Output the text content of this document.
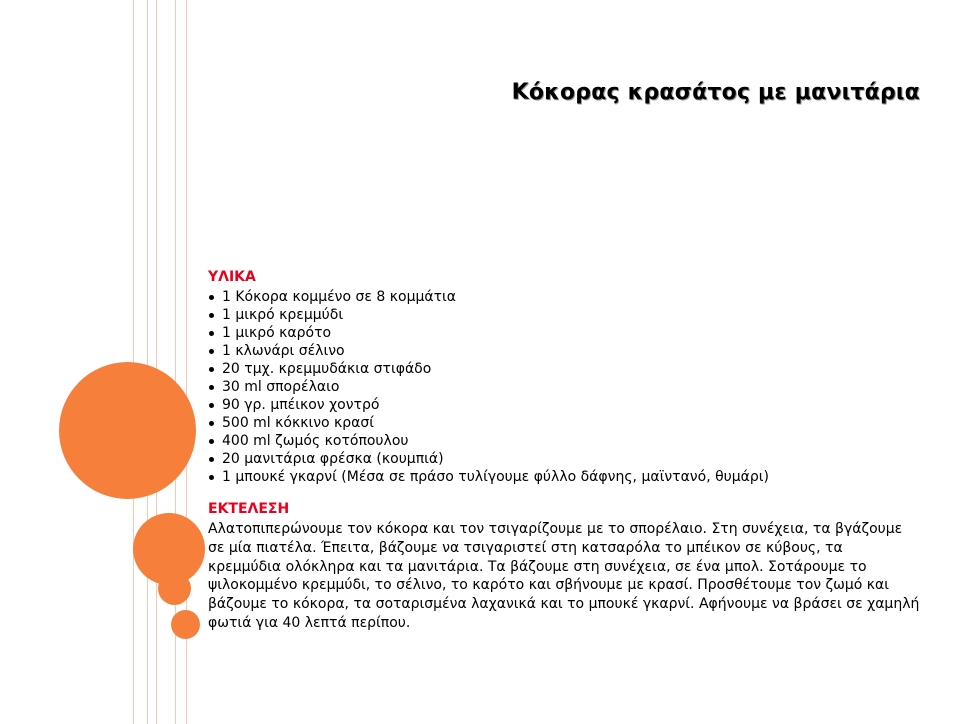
Κόκορας κρασάτος με μανιτάρια
ΥΛΙΚΑ
1 Κόκορα κομμένο σε 8 κομμάτια
1 μικρό κρεμμύδι
1 μικρό καρότο
1 κλωνάρι σέλινο
20 τμχ. κρεμμυδάκια στιφάδο
30 ml σπορέλαιο
90 γρ. μπέικον χοντρό
500 ml κόκκινο κρασί
400 ml ζωμός κοτόπουλου
20 μανιτάρια φρέσκα (κουμπιά)
1 μπουκέ γκαρνί (Μέσα σε πράσο τυλίγουμε φύλλο δάφνης, μαϊντανό, θυμάρι)
ΕΚΤΕΛΕΣΗ

Αλατοπιπερώνουμε τον κόκορα και τον τσιγαρίζουμε με το σπορέλαιο. Στη συνέχεια, τα βγάζουμε σε μία πιατέλα. Έπειτα, βάζουμε να τσιγαριστεί στη κατσαρόλα το μπέικον σε κύβους, τα κρεμμύδια ολόκληρα και τα μανιτάρια. Τα βάζουμε στη συνέχεια, σε ένα μπολ. Σοτάρουμε το ψιλοκομμένο κρεμμύδι, το σέλινο, το καρότο και σβήνουμε με κρασί. Προσθέτουμε τον ζωμό και βάζουμε το κόκορα, τα σοταρισμένα λαχανικά και το μπουκέ γκαρνί. Αφήνουμε να βράσει σε χαμηλή φωτιά για 40 λεπτά περίπου.
